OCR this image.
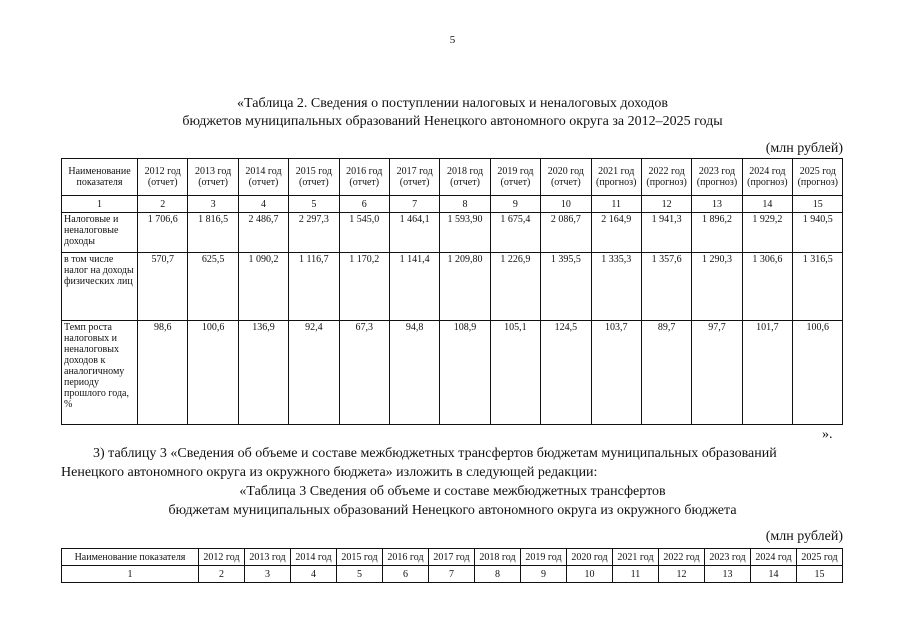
5
«Таблица 2. Сведения о поступлении налоговых и неналоговых доходов
бюджетов муниципальных образований Ненецкого автономного округа за 2012–2025 годы
(млн рублей)
Наименование показателя	2012 год (отчет)	2013 год (отчет)	2014 год (отчет)	2015 год (отчет)	2016 год (отчет)	2017 год (отчет)	2018 год (отчет)	2019 год (отчет)	2020 год (отчет)	2021 год (прогноз)	2022 год (прогноз)	2023 год (прогноз)	2024 год (прогноз)	2025 год (прогноз)
1	2	3	4	5	6	7	8	9	10	11	12	13	14	15
Налоговые и неналоговые доходы	1 706,6	1 816,5	2 486,7	2 297,3	1 545,0	1 464,1	1 593,90	1 675,4	2 086,7	2 164,9	1 941,3	1 896,2	1 929,2	1 940,5
в том числе налог на доходы физических лиц	570,7	625,5	1 090,2	1 116,7	1 170,2	1 141,4	1 209,80	1 226,9	1 395,5	1 335,3	1 357,6	1 290,3	1 306,6	1 316,5
Темп роста налоговых и неналоговых доходов к аналогичному периоду прошлого года, %	98,6	100,6	136,9	92,4	67,3	94,8	108,9	105,1	124,5	103,7	89,7	97,7	101,7	100,6
».
3) таблицу 3 «Сведения об объеме и составе межбюджетных трансфертов бюджетам муниципальных образований
Ненецкого автономного округа из окружного бюджета» изложить в следующей редакции:
«Таблица 3 Сведения об объеме и составе межбюджетных трансфертов
бюджетам муниципальных образований Ненецкого автономного округа из окружного бюджета
(млн рублей)
Наименование показателя	2012 год	2013 год	2014 год	2015 год	2016 год	2017 год	2018 год	2019 год	2020 год	2021 год	2022 год	2023 год	2024 год	2025 год
1	2	3	4	5	6	7	8	9	10	11	12	13	14	15
